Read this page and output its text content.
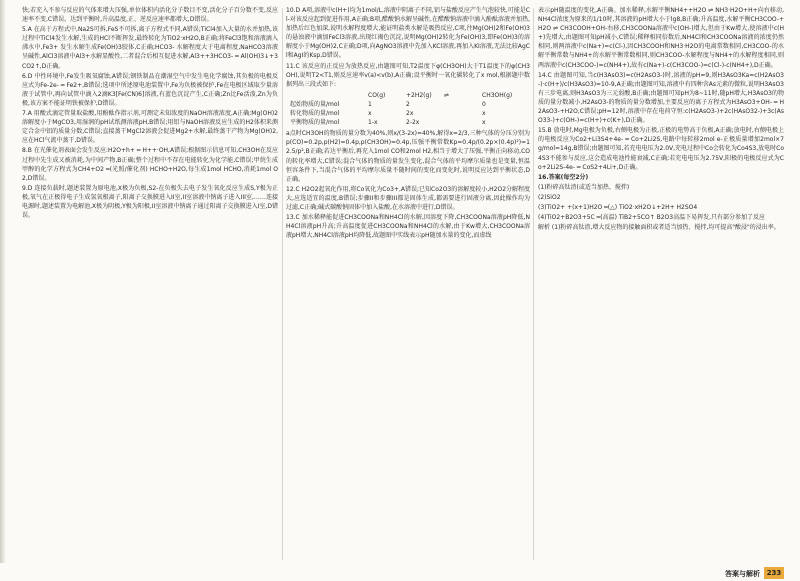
快;若充入不参与反应的气体来增大压强,单位体积内活化分子数目不变,活化分子百分数不变,反应速率不变,C错误。达到平衡时,升高温度,正、逆反应速率都增大,D错误。

5.A 在高于方程式中,Na2S可拆,FeS不可拆,离子方程式不同,A错误;TiCl4加入大量的水并加热,该过程中TiCl4发生水解,生成的HCl不断挥发,最终转化为TiO2·xH2O,B正确;将FeCl3饱和溶液滴入沸水中,Fe3+ 发生水解生成Fe(OH)3胶体,C正确;HCO3- 水解程度大于电离程度,NaHCO3溶液呈碱性,AlCl3溶液中Al3+水解显酸性,二者混合后相互促进水解,Al3++3HCO3- ═ Al(OH)3↓+3CO2↑,D正确。

6.D 中性环境中,Fe发生吸氧腐蚀,A错误;钢铁制品在潮湿空气中发生电化学腐蚀,其负极的电极反应式为Fe-2e- ═ Fe2+,B错误;选项中所述原电池装置中,Fe为负极被保护,Fe在电极区域取少量溶液于试管中,再向试管中滴入2滴K3[Fe(CN)6]溶液,有蓝色沉淀产生,C正确;Zn比Fe活泼,Zn为负极,该方案不能证明铁被保护,D错误。

7.A 用酸式滴定管量取盐酸,用酚酞作指示剂,可测定未知浓度的NaOH溶液浓度,A正确;Mg(OH)2溶解度小于MgCO3,用湿润的pH试纸测溶液pH,B错误;用铝与NaOH溶液反应生成的H2体积来测定合金中铝的质量分数,C错误;直接蒸干MgCl2溶液会促进Mg2+水解,最终蒸干产物为Mg(OH)2,应在HCl气流中蒸干,D错误。

8.B 在光催化剂表面会发生反应:H2O+h+ ═ H++·OH,A错误;根据图示信息可知,CH3OH在反应过程中先生成又被消耗,为中间产物,B正确;整个过程中不存在电能转化为化学能,C错误;甲烷生成甲醇的化学方程式为CH4+O2 ═(光照/催化剂) HCHO+H2O,每生成1mol HCHO,消耗1mol O2,D错误。

9.D 连接负载时,题述装置为原电池,X极为负极,S2-在负极失去电子发生氧化反应生成S,Y极为正极,氧气在正极得电子生成氢氧根离子,阳离子交换膜进入II室,II室溶液中钠离子进入III室,……连接电源时,题述装置为电解池,X极为阴极,Y极为阳极,II室溶液中钠离子通过阳离子交换膜进入I室,D错误。

10.D A项,溶液中c(H+)均为1mol/L,溶液中阴离子不同,铝与盐酸反应产生气泡较快,可能是Cl-对该反应起到促进作用,A正确;B项,醋酸钠水解呈碱性,在醋酸钠溶液中滴入酚酞溶液并加热,加热后红色加深,说明水解程度增大,能证明盐类水解是吸热反应,C项,往Mg(OH)2和Fe(OH)3的悬浊液中滴加FeCl3溶液,出现红褐色沉淀,说明Mg(OH)2转化为Fe(OH)3,即Fe(OH)3的溶解度小于Mg(OH)2,C正确;D项,向AgNO3溶液中先加入KCl溶液,再加入KI溶液,无法比较AgCl和AgI的Ksp,D错误。

11.C 该反应的正反应为放热反应,由题图可知,T2温度下φ(CH3OH)大于T1温度下的φ(CH3OH),说明T2<T1,则反应速率v(a)<v(b),A正确;设平衡时一氧化碳转化了x mol,根据题中数据列出三段式如下:

CO(g)	+2H2(g)	⇌	CH3OH(g)
起始物质的量/mol	1	2	0
转化物质的量/mol	x	2x	x
平衡物质的量/mol	1-x	2-2x	x

a点时CH3OH的物质的量分数为40%,则x/(3-2x)=40%,解得x=2/3,三种气体的分压分别为p(CO)=0.2p,p(H2)=0.4p,p(CH3OH)=0.4p,压强平衡常数Kp=0.4p/(0.2p×(0.4p)²)=12.5/p²,B正确;若达平衡后,再充入1mol CO和2mol H2,相当于增大了压强,平衡正向移动,CO的转化率增大,C错误;混合气体的物质的量发生变化,混合气体的平均摩尔质量也是变量,恒温恒容条件下,当混合气体的平均摩尔质量不随时间的变化而变化时,说明反应达到平衡状态,D正确。

12.C H2O2起氧化作用,将Co氧化为Co3+,A错误;已知Co2O3的溶解度较小,H2O2分解程度大,应选适宜的温度,B错误;步骤II和步骤III都是固体生成,都需要进行固液分离,因此操作均为过滤,C正确;碱式碳酸钠固体中加入盐酸,在水溶液中进行,D错误。

13.C 加水稀释能促进CH3COONa和NH4Cl的水解,因溶度下降,CH3COONa溶液pH降低,NH4Cl溶液pH升高;升高温度促进CH3COONa和NH4Cl的水解,由于Kw增大,CH3COONa溶液pH增大,NH4Cl溶液pH均降低,故题图中实线表示pH随加水量的变化,而虚线

表示pH随温度的变化,A正确。加水稀释,水解平衡NH4++H2O ⇌ NH3·H2O+H+向右移动,NH4Cl浓度为原来的1/10时,其溶液的pH增大小于lg8,B正确;升高温度,水解平衡CH3COO-+H2O ⇌ CH3COOH+OH-右移,CH3COONa溶液中c(OH-)增大,但由于Kw增大,使溶液中c(H+)先增大,由题图可知pH减小,C错误;稀释相同倍数后,NH4Cl和CH3COONa溶液的浓度仍然相同,则两溶液中c(Na+)=c(Cl-),因CH3COOH和NH3·H2O的电离常数相同,CH3COO-的水解平衡常数与NH4+的水解平衡常数相同,则CH3COO-水解程度与NH4+的水解程度相同,则两溶液中c(CH3COO-)=c(NH4+),故有c(Na+)-c(CH3COO-)=c(Cl-)-c(NH4+),D正确。

14.C 由题图可知,当c(H3AsO3)=c(H2AsO3-)时,溶液的pH=9,则H3AsO3Ka=c(H2AsO3-)·c(H+)/c(H3AsO3)=10-9,A正确;由题图可知,溶液中有四种含As元素的微粒,说明H3AsO3有三步电离,则H3AsO3为三元弱酸,B正确;由题图可知pH为8~11时,随pH增大,H3AsO3的物质的量分数减小,H2AsO3-的物质的量分数增加,主要反应的离子方程式为H3AsO3+OH- ═ H2AsO3-+H2O,C错误;pH=12时,溶液中存在电荷守恒:c(H2AsO3-)+2c(HAsO32-)+3c(AsO33-)+c(OH-)=c(H+)+c(K+),D正确。

15.B 放电时,Mg电极为负极,右侧电极为正极,正极的电势高于负极,A正确;放电时,右侧电极上的电极反应为Co2+Li3S4+4e- ═ Co+2Li2S,电路中每转移2mol e-正极质量增加2mol×7g/mol=14g,B错误;由题图可知,若充电电压为2.0V,充电过程中Co会转化为Co4S3,放电时Co4S3不能参与反应,这会造成电池性能衰减,C正确;若充电电压为2.75V,阳极的电极反应式为Co+2Li2S-4e- ═ CoS2+4Li+,D正确。

16.答案(每空2分)

(1)粉碎高钛渣(或适当加热、搅拌)

(2)SiO2

(3)TiO2+ +(x+1)H2O ═(△) TiO2·xH2O↓+2H+ H2SO4

(4)TiO2+B2O3+5C ═(高温) TiB2+5CO↑ B2O3高温下易挥发,只有部分参加了反应

解析 (1)粉碎高钛渣,增大反应物的接触面积或者适当加热、搅拌,均可提高"酸浸"的浸出率。

答案与解析 233
